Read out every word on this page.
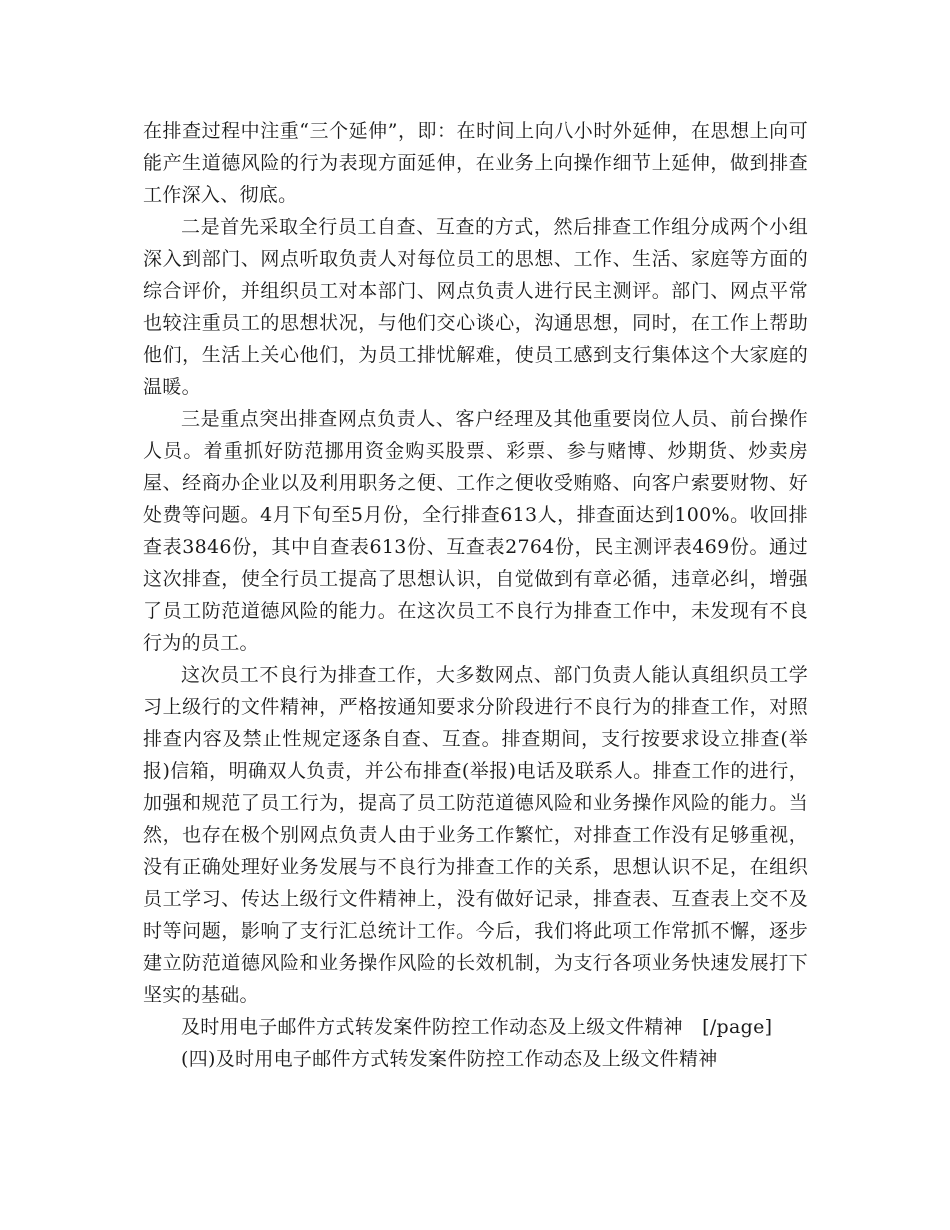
在排查过程中注重“三个延伸”，即：在时间上向八小时外延伸，在思想上向可能产生道德风险的行为表现方面延伸，在业务上向操作细节上延伸，做到排查工作深入、彻底。

二是首先采取全行员工自查、互查的方式，然后排查工作组分成两个小组深入到部门、网点听取负责人对每位员工的思想、工作、生活、家庭等方面的综合评价，并组织员工对本部门、网点负责人进行民主测评。部门、网点平常也较注重员工的思想状况，与他们交心谈心，沟通思想，同时，在工作上帮助他们，生活上关心他们，为员工排忧解难，使员工感到支行集体这个大家庭的温暖。

三是重点突出排查网点负责人、客户经理及其他重要岗位人员、前台操作人员。着重抓好防范挪用资金购买股票、彩票、参与赌博、炒期货、炒卖房屋、经商办企业以及利用职务之便、工作之便收受贿赂、向客户索要财物、好处费等问题。4月下旬至5月份，全行排查613人，排查面达到100%。收回排查表3846份，其中自查表613份、互查表2764份，民主测评表469份。通过这次排查，使全行员工提高了思想认识，自觉做到有章必循，违章必纠，增强了员工防范道德风险的能力。在这次员工不良行为排查工作中，未发现有不良行为的员工。

这次员工不良行为排查工作，大多数网点、部门负责人能认真组织员工学习上级行的文件精神，严格按通知要求分阶段进行不良行为的排查工作，对照排查内容及禁止性规定逐条自查、互查。排查期间，支行按要求设立排查(举报)信箱，明确双人负责，并公布排查(举报)电话及联系人。排查工作的进行，加强和规范了员工行为，提高了员工防范道德风险和业务操作风险的能力。当然，也存在极个别网点负责人由于业务工作繁忙，对排查工作没有足够重视，没有正确处理好业务发展与不良行为排查工作的关系，思想认识不足，在组织员工学习、传达上级行文件精神上，没有做好记录，排查表、互查表上交不及时等问题，影响了支行汇总统计工作。今后，我们将此项工作常抓不懈，逐步建立防范道德风险和业务操作风险的长效机制，为支行各项业务快速发展打下坚实的基础。

及时用电子邮件方式转发案件防控工作动态及上级文件精神　[/page]

(四)及时用电子邮件方式转发案件防控工作动态及上级文件精神
